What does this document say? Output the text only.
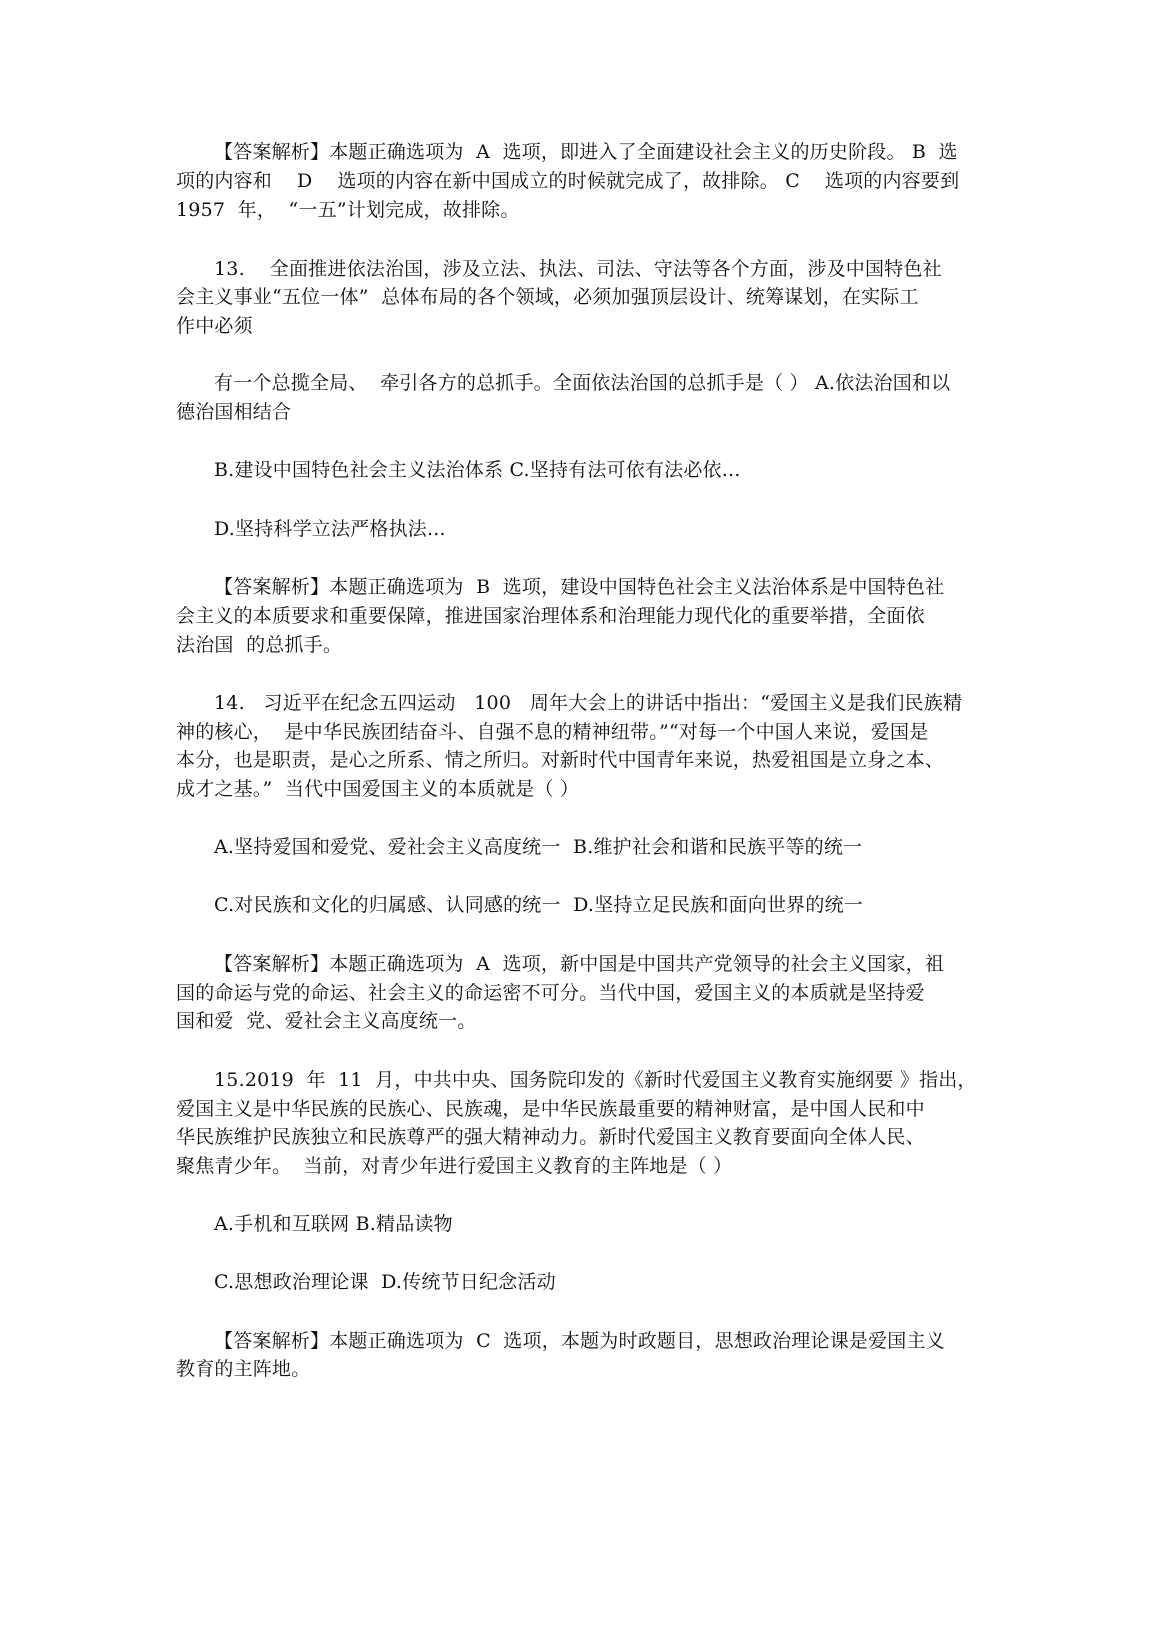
【答案解析】本题正确选项为  A  选项，即进入了全面建设社会主义的历史阶段。 B  选
项的内容和    D    选项的内容在新中国成立的时候就完成了，故排除。 C    选项的内容要到
1957  年，  “一五”计划完成，故排除。
13.    全面推进依法治国，涉及立法、执法、司法、守法等各个方面，涉及中国特色社
会主义事业“五位一体”  总体布局的各个领域，必须加强顶层设计、统筹谋划，在实际工
作中必须
有一个总揽全局、  牵引各方的总抓手。全面依法治国的总抓手是（ ） A.依法治国和以
德治国相结合
B.建设中国特色社会主义法治体系 C.坚持有法可依有法必依...
D.坚持科学立法严格执法...
【答案解析】本题正确选项为  B  选项，建设中国特色社会主义法治体系是中国特色社
会主义的本质要求和重要保障，推进国家治理体系和治理能力现代化的重要举措，全面依
法治国  的总抓手。
14.   习近平在纪念五四运动   100   周年大会上的讲话中指出：“爱国主义是我们民族精
神的核心，  是中华民族团结奋斗、自强不息的精神纽带。”“对每一个中国人来说，爱国是
本分，也是职责，是心之所系、情之所归。对新时代中国青年来说，热爱祖国是立身之本、
成才之基。”  当代中国爱国主义的本质就是（ ）
A.坚持爱国和爱党、爱社会主义高度统一  B.维护社会和谐和民族平等的统一
C.对民族和文化的归属感、认同感的统一  D.坚持立足民族和面向世界的统一
【答案解析】本题正确选项为  A  选项，新中国是中国共产党领导的社会主义国家，祖
国的命运与党的命运、社会主义的命运密不可分。当代中国，爱国主义的本质就是坚持爱
国和爱  党、爱社会主义高度统一。
15.2019  年  11  月，中共中央、国务院印发的《新时代爱国主义教育实施纲要 》指出，
爱国主义是中华民族的民族心、民族魂，是中华民族最重要的精神财富，是中国人民和中
华民族维护民族独立和民族尊严的强大精神动力。新时代爱国主义教育要面向全体人民、
聚焦青少年。  当前，对青少年进行爱国主义教育的主阵地是（ ）
A.手机和互联网 B.精品读物
C.思想政治理论课  D.传统节日纪念活动
【答案解析】本题正确选项为  C  选项，本题为时政题目，思想政治理论课是爱国主义
教育的主阵地。
